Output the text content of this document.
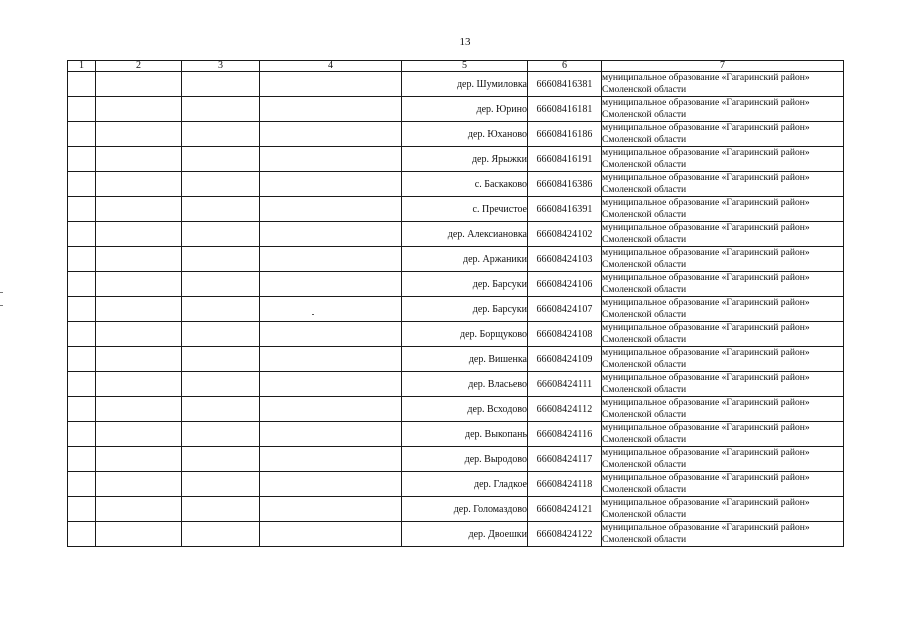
13
1	2	3	4	5	6	7
				дер. Шумиловка	66608416381	муниципальное образование «Гагаринский район»
Смоленской области

				дер. Юрино	66608416181	муниципальное образование «Гагаринский район»
Смоленской области

				дер. Юханово	66608416186	муниципальное образование «Гагаринский район»
Смоленской области

				дер. Ярыжки	66608416191	муниципальное образование «Гагаринский район»
Смоленской области

				с. Баскаково	66608416386	муниципальное образование «Гагаринский район»
Смоленской области

				с. Пречистое	66608416391	муниципальное образование «Гагаринский район»
Смоленской области

				дер. Алексиановка	66608424102	муниципальное образование «Гагаринский район»
Смоленской области

				дер. Аржаники	66608424103	муниципальное образование «Гагаринский район»
Смоленской области

				дер. Барсуки	66608424106	муниципальное образование «Гагаринский район»
Смоленской области

				дер. Барсуки	66608424107	муниципальное образование «Гагаринский район»
Смоленской области

				дер. Борщуково	66608424108	муниципальное образование «Гагаринский район»
Смоленской области

				дер. Вишенка	66608424109	муниципальное образование «Гагаринский район»
Смоленской области

				дер. Власьево	66608424111	муниципальное образование «Гагаринский район»
Смоленской области

				дер. Всходово	66608424112	муниципальное образование «Гагаринский район»
Смоленской области

				дер. Выкопань	66608424116	муниципальное образование «Гагаринский район»
Смоленской области

				дер. Выродово	66608424117	муниципальное образование «Гагаринский район»
Смоленской области

				дер. Гладкое	66608424118	муниципальное образование «Гагаринский район»
Смоленской области

				дер. Голомаздово	66608424121	муниципальное образование «Гагаринский район»
Смоленской области

				дер. Двоешки	66608424122	муниципальное образование «Гагаринский район»
Смоленской области
